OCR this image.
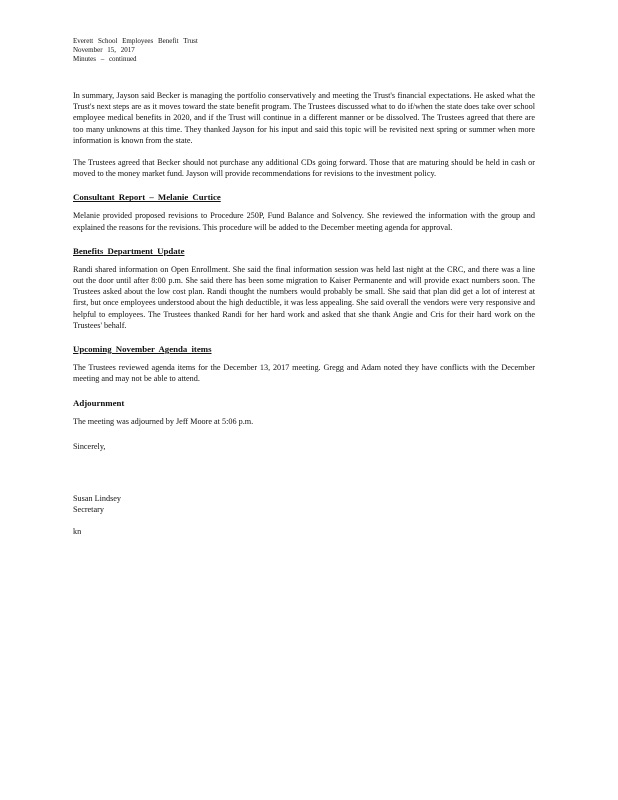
Everett School Employees Benefit Trust
November 15, 2017
Minutes – continued

In summary, Jayson said Becker is managing the portfolio conservatively and meeting the Trust's financial expectations. He asked what the Trust's next steps are as it moves toward the state benefit program. The Trustees discussed what to do if/when the state does take over school employee medical benefits in 2020, and if the Trust will continue in a different manner or be dissolved. The Trustees agreed that there are too many unknowns at this time. They thanked Jayson for his input and said this topic will be revisited next spring or summer when more information is known from the state.

The Trustees agreed that Becker should not purchase any additional CDs going forward. Those that are maturing should be held in cash or moved to the money market fund. Jayson will provide recommendations for revisions to the investment policy.

Consultant Report – Melanie Curtice

Melanie provided proposed revisions to Procedure 250P, Fund Balance and Solvency. She reviewed the information with the group and explained the reasons for the revisions. This procedure will be added to the December meeting agenda for approval.

Benefits Department Update

Randi shared information on Open Enrollment. She said the final information session was held last night at the CRC, and there was a line out the door until after 8:00 p.m. She said there has been some migration to Kaiser Permanente and will provide exact numbers soon. The Trustees asked about the low cost plan. Randi thought the numbers would probably be small. She said that plan did get a lot of interest at first, but once employees understood about the high deductible, it was less appealing. She said overall the vendors were very responsive and helpful to employees. The Trustees thanked Randi for her hard work and asked that she thank Angie and Cris for their hard work on the Trustees' behalf.

Upcoming November Agenda items

The Trustees reviewed agenda items for the December 13, 2017 meeting. Gregg and Adam noted they have conflicts with the December meeting and may not be able to attend.

Adjournment

The meeting was adjourned by Jeff Moore at 5:06 p.m.

Sincerely,
Susan Lindsey
Secretary
kn
